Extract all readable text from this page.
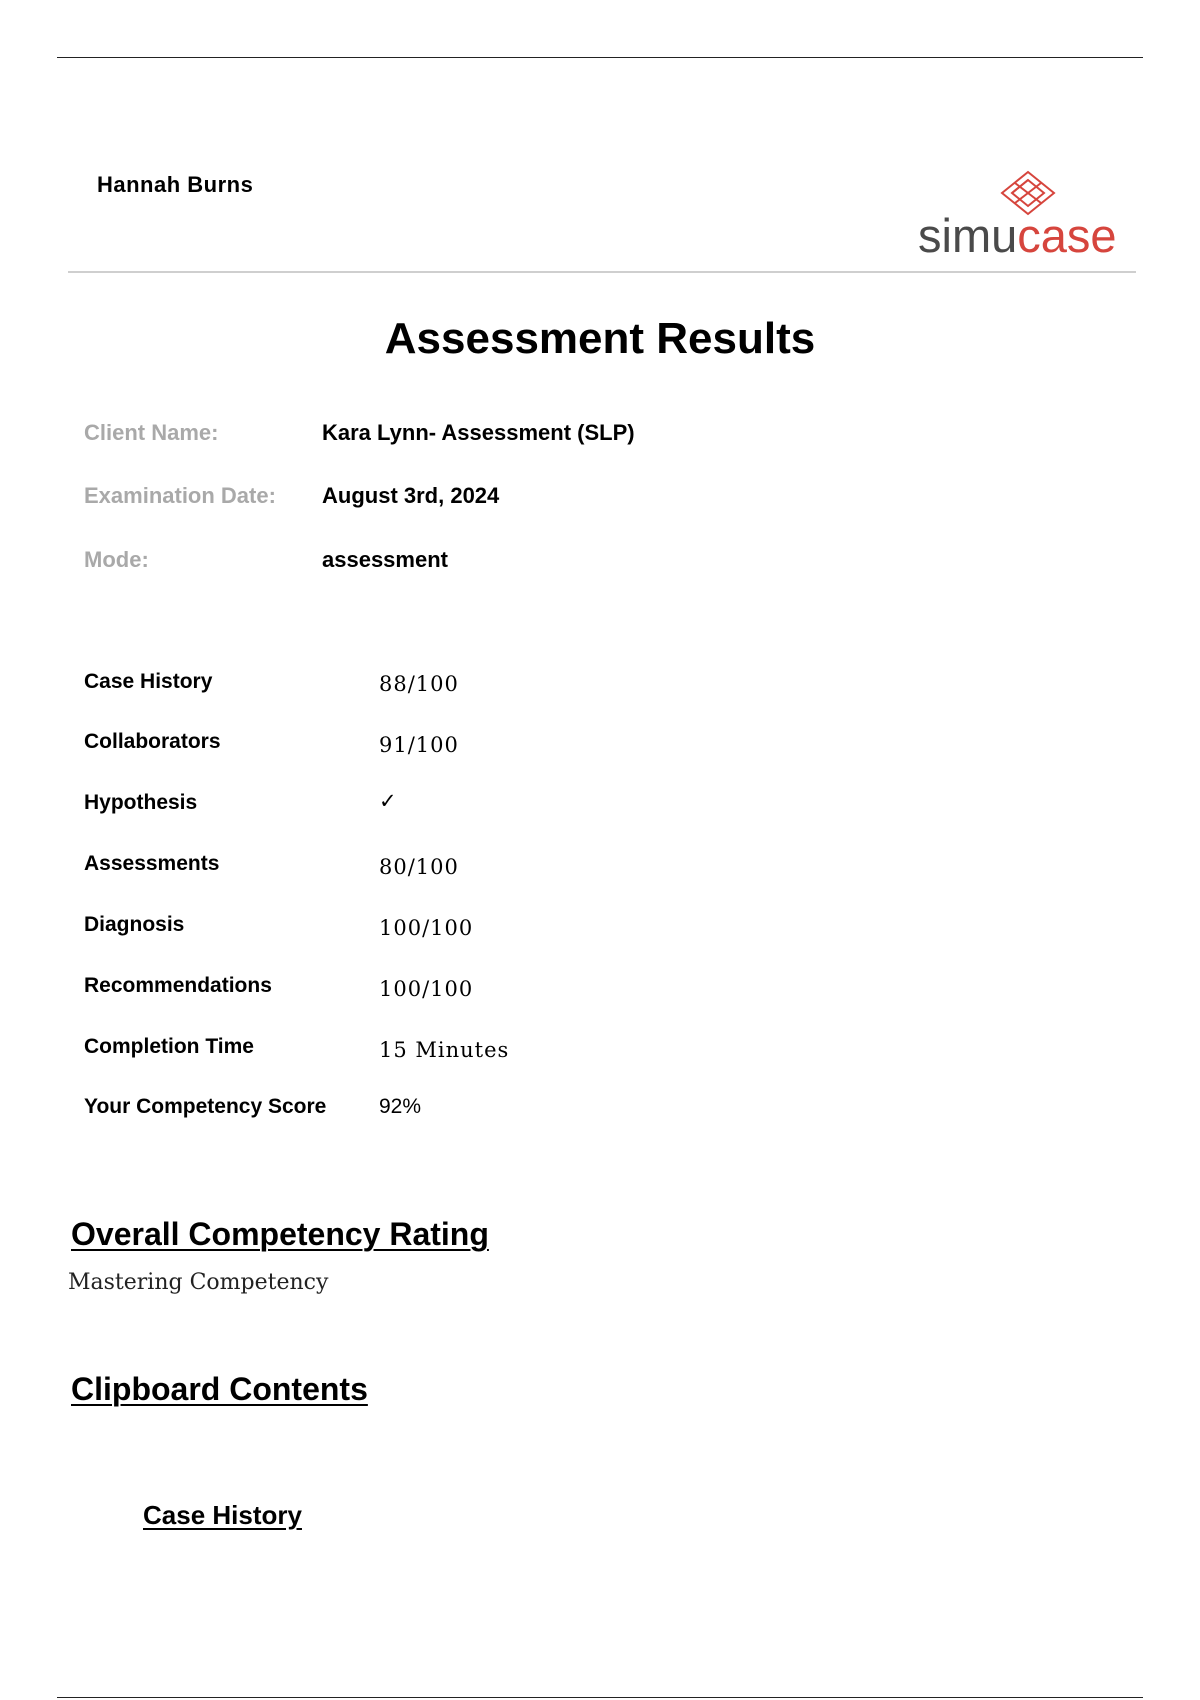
Hannah Burns
simucase
Assessment Results
Client Name:	Kara Lynn- Assessment (SLP)
Examination Date: August 3rd, 2024
Mode:	assessment
Case History	88/100
Collaborators	91/100
Hypothesis	✓
Assessments	80/100
Diagnosis	100/100
Recommendations	100/100
Completion Time	15 Minutes
Your Competency Score	92%
Overall Competency Rating
Mastering Competency
Clipboard Contents
Case History
